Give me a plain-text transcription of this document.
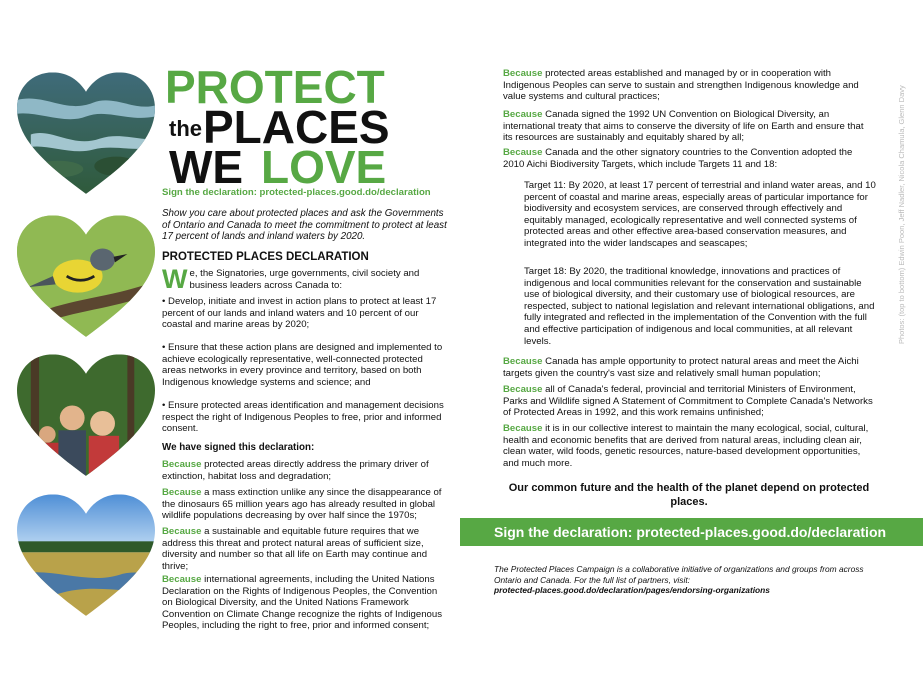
PROTECT
the PLACES
WE LOVE
Sign the declaration: protected-places.good.do/declaration
Show you care about protected places and ask the Governments of Ontario and Canada to meet the commitment to protect at least 17 percent of lands and inland waters by 2020.
PROTECTED PLACES DECLARATION
We, the Signatories, urge governments, civil society and business leaders across Canada to:
• Develop, initiate and invest in action plans to protect at least 17 percent of our lands and inland waters and 10 percent of our coastal and marine areas by 2020;
• Ensure that these action plans are designed and implemented to achieve ecologically representative, well-connected protected areas networks in every province and territory, based on both Indigenous knowledge systems and science; and
• Ensure protected areas identification and management decisions respect the right of Indigenous Peoples to free, prior and informed consent.
We have signed this declaration:
Because protected areas directly address the primary driver of extinction, habitat loss and degradation;
Because a mass extinction unlike any since the disappearance of the dinosaurs 65 million years ago has already resulted in global wildlife populations decreasing by over half since the 1970s;
Because a sustainable and equitable future requires that we address this threat and protect natural areas of sufficient size, diversity and number so that all life on Earth may continue and thrive;
Because international agreements, including the United Nations Declaration on the Rights of Indigenous Peoples, the Convention on Biological Diversity, and the United Nations Framework Convention on Climate Change recognize the rights of Indigenous Peoples, including the right to free, prior and informed consent;
Because protected areas established and managed by or in cooperation with Indigenous Peoples can serve to sustain and strengthen Indigenous knowledge and value systems and cultural practices;
Because Canada signed the 1992 UN Convention on Biological Diversity, an international treaty that aims to conserve the diversity of life on Earth and ensure that its resources are sustainably and equitably shared by all;
Because Canada and the other signatory countries to the Convention adopted the 2010 Aichi Biodiversity Targets, which include Targets 11 and 18:
Target 11: By 2020, at least 17 percent of terrestrial and inland water areas, and 10 percent of coastal and marine areas, especially areas of particular importance for biodiversity and ecosystem services, are conserved through effectively and equitably managed, ecologically representative and well connected systems of protected areas and other effective area-based conservation measures, and integrated into the wider landscapes and seascapes;
Target 18: By 2020, the traditional knowledge, innovations and practices of indigenous and local communities relevant for the conservation and sustainable use of biological diversity, and their customary use of biological resources, are respected, subject to national legislation and relevant international obligations, and fully integrated and reflected in the implementation of the Convention with the full and effective participation of indigenous and local communities, at all relevant levels.
Because Canada has ample opportunity to protect natural areas and meet the Aichi targets given the country's vast size and relatively small human population;
Because all of Canada's federal, provincial and territorial Ministers of Environment, Parks and Wildlife signed A Statement of Commitment to Complete Canada's Networks of Protected Areas in 1992, and this work remains unfinished;
Because it is in our collective interest to maintain the many ecological, social, cultural, health and economic benefits that are derived from natural areas, including clean air, clean water, wild foods, genetic resources, nature-based development opportunities, and much more.
Our common future and the health of the planet depend on protected places.
Sign the declaration: protected-places.good.do/declaration
The Protected Places Campaign is a collaborative initiative of organizations and groups from across Ontario and Canada. For the full list of partners, visit:
protected-places.good.do/declaration/pages/endorsing-organizations
Photos: (top to bottom) Edwin Poon, Jeff Nadler, Nicola Chamula, Glenn Davy
